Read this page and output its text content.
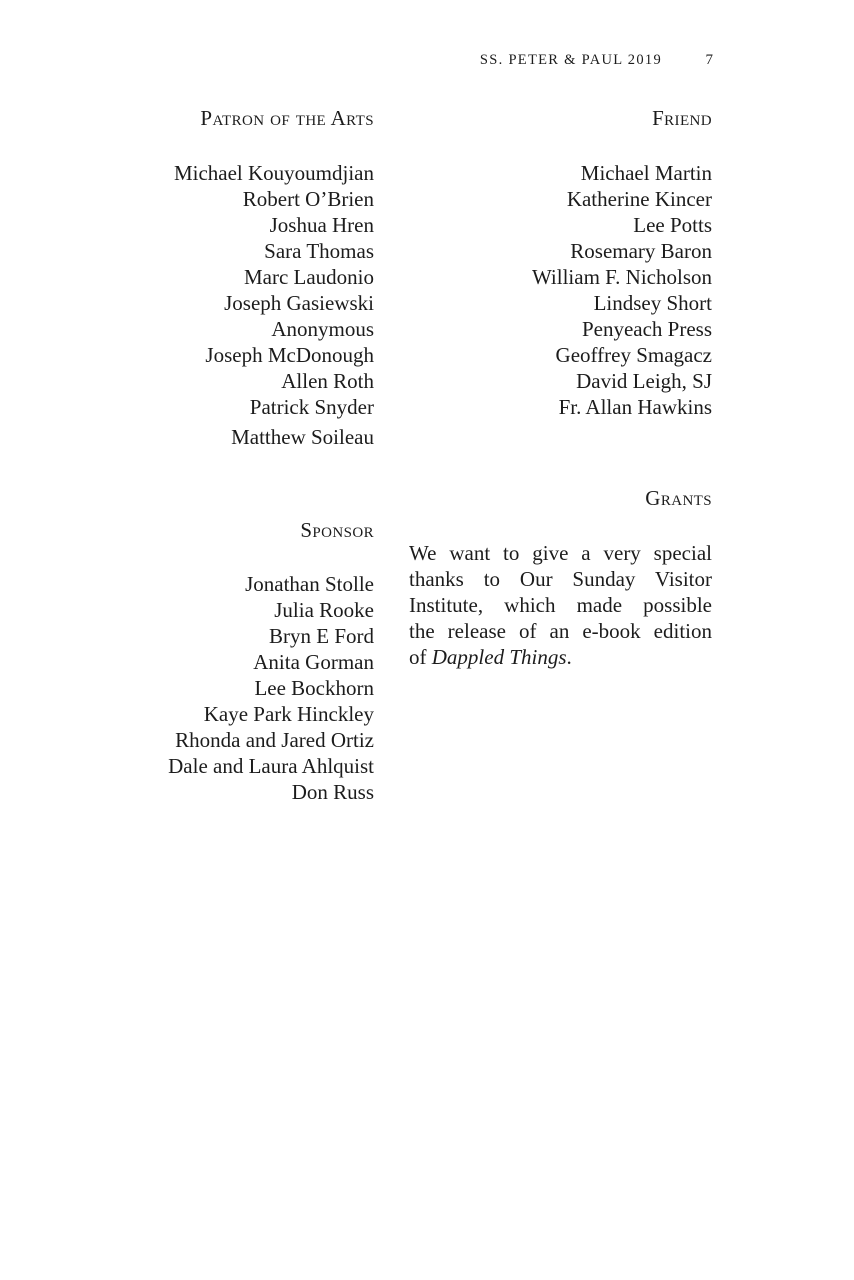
SS. PETER & PAUL 2019	7
Patron of the Arts
Michael Kouyoumdjian
Robert O’Brien
Joshua Hren
Sara Thomas
Marc Laudonio
Joseph Gasiewski
Anonymous
Joseph McDonough
Allen Roth
Patrick Snyder
Matthew Soileau
Friend
Michael Martin
Katherine Kincer
Lee Potts
Rosemary Baron
William F. Nicholson
Lindsey Short
Penyeach Press
Geoffrey Smagacz
David Leigh, SJ
Fr. Allan Hawkins
Grants
We want to give a very special
thanks to Our Sunday Visitor
Institute, which made possible
the release of an e-book edition
of Dappled Things.
Sponsor
Jonathan Stolle
Julia Rooke
Bryn E Ford
Anita Gorman
Lee Bockhorn
Kaye Park Hinckley
Rhonda and Jared Ortiz
Dale and Laura Ahlquist
Don Russ
